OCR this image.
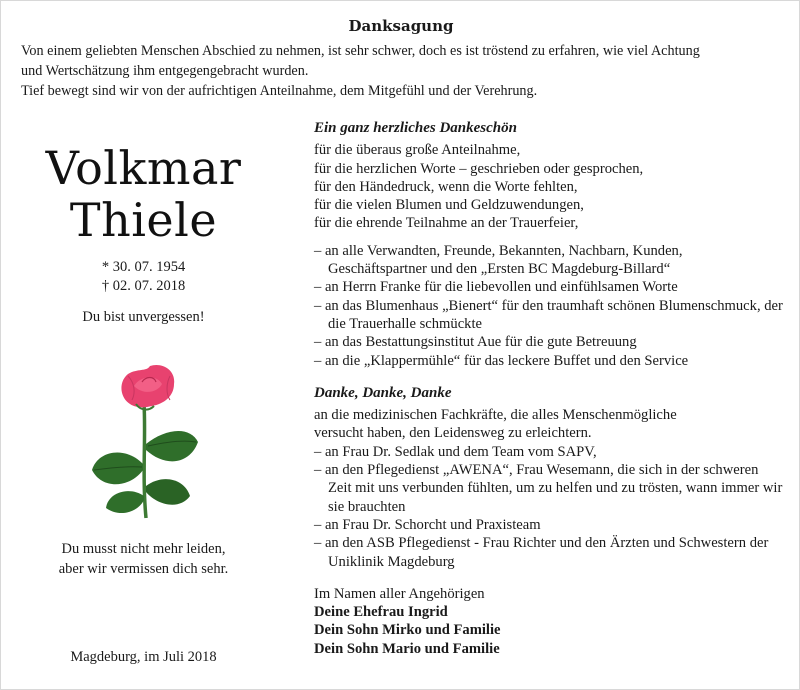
Danksagung

Von einem geliebten Menschen Abschied zu nehmen, ist sehr schwer, doch es ist tröstend zu erfahren, wie viel Achtung

und Wertschätzung ihm entgegengebracht wurden.

Tief bewegt sind wir von der aufrichtigen Anteilnahme, dem Mitgefühl und der Verehrung.

Volkmar
Thiele
* 30. 07. 1954
† 02. 07. 2018
Du bist unvergessen!
Du musst nicht mehr leiden,
aber wir vermissen dich sehr.
Magdeburg, im Juli 2018
Ein ganz herzliches Dankeschön
für die überaus große Anteilnahme,
für die herzlichen Worte – geschrieben oder gesprochen,
für den Händedruck, wenn die Worte fehlten,
für die vielen Blumen und Geldzuwendungen,
für die ehrende Teilnahme an der Trauerfeier,
– an alle Verwandten, Freunde, Bekannten, Nachbarn, Kunden, Geschäftspartner und den „Ersten BC Magdeburg-Billard“
– an Herrn Franke für die liebevollen und einfühlsamen Worte
– an das Blumenhaus „Bienert“ für den traumhaft schönen Blumenschmuck, der die Trauerhalle schmückte
– an das Bestattungsinstitut Aue für die gute Betreuung
– an die „Klappermühle“ für das leckere Buffet und den Service
Danke, Danke, Danke
an die medizinischen Fachkräfte, die alles Menschenmögliche
versucht haben, den Leidensweg zu erleichtern.
– an Frau Dr. Sedlak und dem Team vom SAPV,
– an den Pflegedienst „AWENA“, Frau Wesemann, die sich in der schweren Zeit mit uns verbunden fühlten, um zu helfen und zu trösten, wann immer wir sie brauchten
– an Frau Dr. Schorcht und Praxisteam
– an den ASB Pflegedienst - Frau Richter und den Ärzten und Schwestern der Uniklinik Magdeburg
Im Namen aller Angehörigen
Deine Ehefrau Ingrid
Dein Sohn Mirko und Familie
Dein Sohn Mario und Familie
